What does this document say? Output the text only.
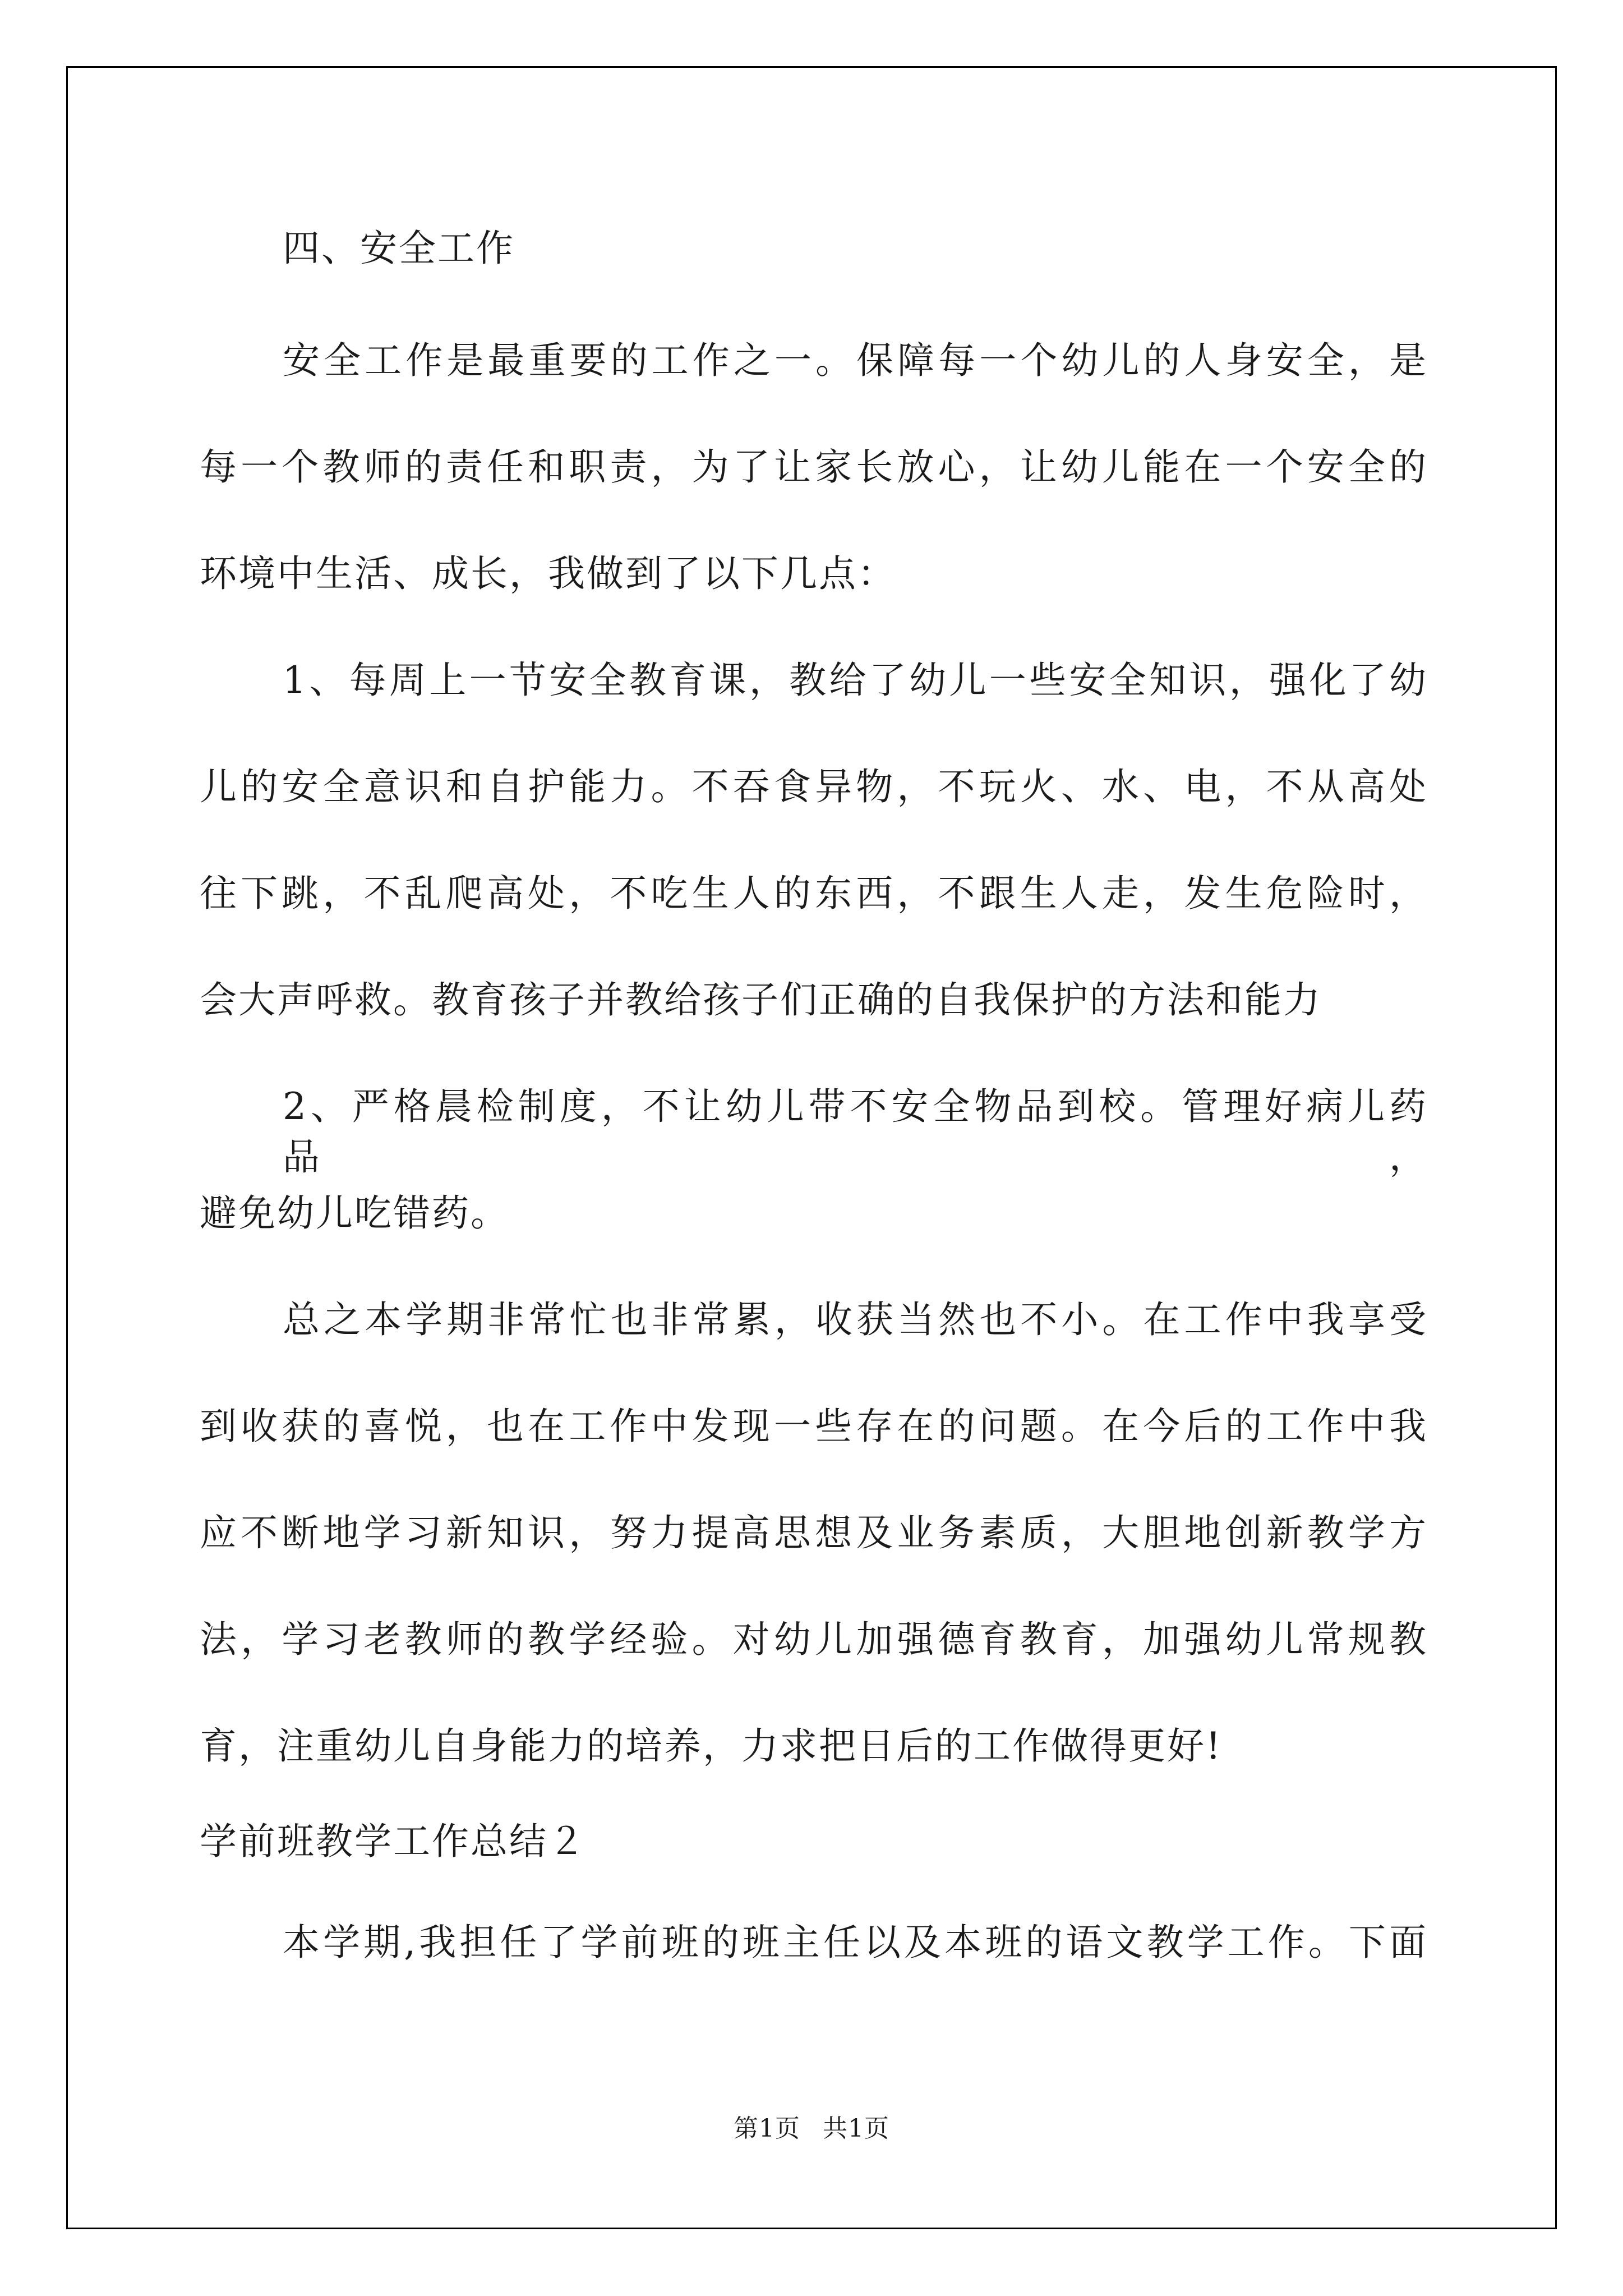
四、安全工作
安全工作是最重要的工作之一。保障每一个幼儿的人身安全，是
每一个教师的责任和职责，为了让家长放心，让幼儿能在一个安全的
环境中生活、成长，我做到了以下几点：
1、每周上一节安全教育课，教给了幼儿一些安全知识，强化了幼
儿的安全意识和自护能力。不吞食异物，不玩火、水、电，不从高处
往下跳，不乱爬高处，不吃生人的东西，不跟生人走，发生危险时，
会大声呼救。教育孩子并教给孩子们正确的自我保护的方法和能力
2、严格晨检制度，不让幼儿带不安全物品到校。管理好病儿药品，
避免幼儿吃错药。
总之本学期非常忙也非常累，收获当然也不小。在工作中我享受
到收获的喜悦，也在工作中发现一些存在的问题。在今后的工作中我
应不断地学习新知识，努力提高思想及业务素质，大胆地创新教学方
法，学习老教师的教学经验。对幼儿加强德育教育，加强幼儿常规教
育，注重幼儿自身能力的培养，力求把日后的工作做得更好!
学前班教学工作总结２
本学期,我担任了学前班的班主任以及本班的语文教学工作。下面
第1页 共1页
